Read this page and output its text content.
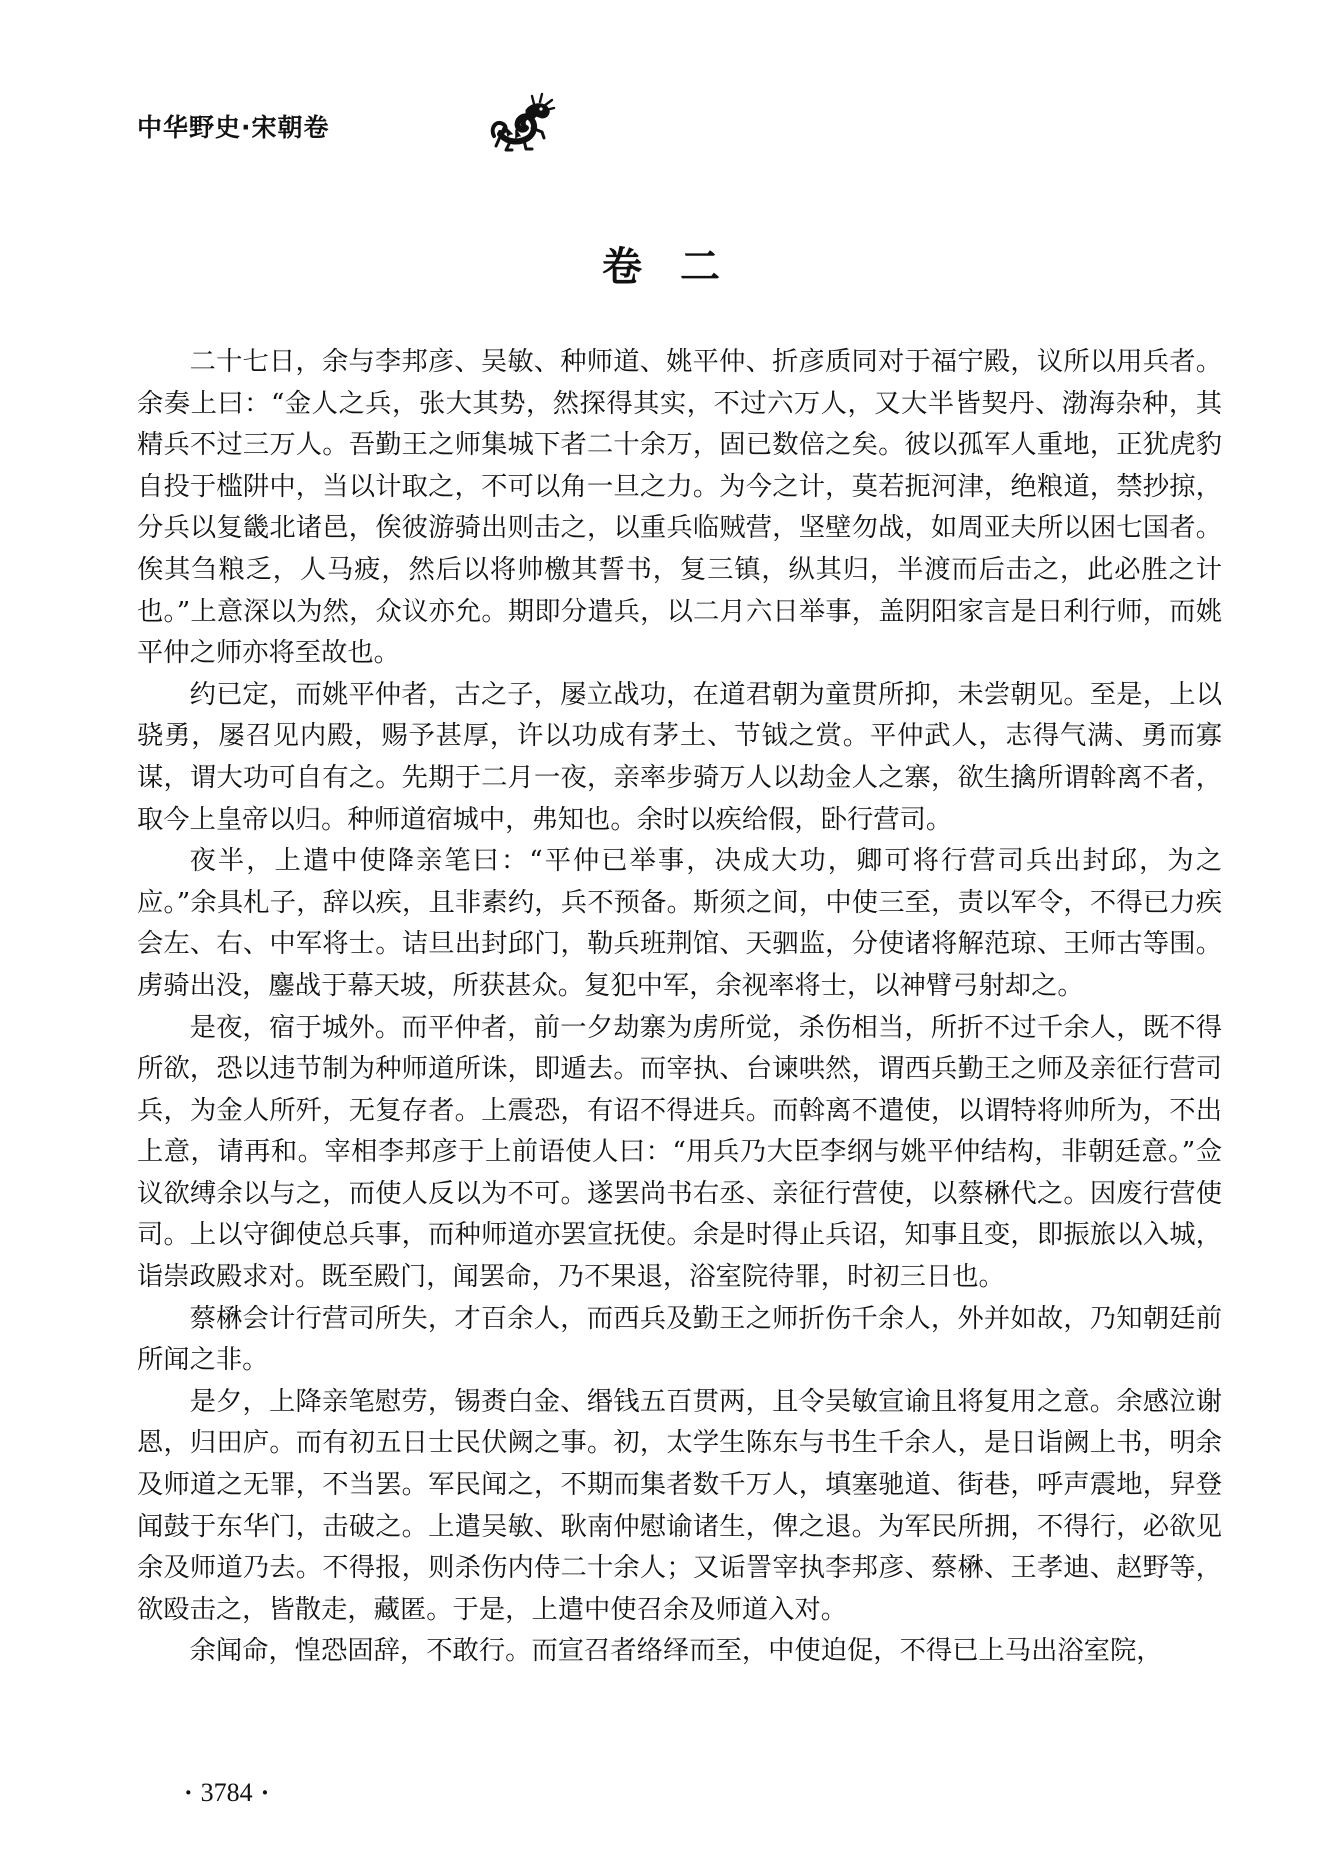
中华野史·宋朝卷
卷二

二十七日，余与李邦彦、吴敏、种师道、姚平仲、折彦质同对于福宁殿，议所以用兵者。余奏上曰：“金人之兵，张大其势，然探得其实，不过六万人，又大半皆契丹、渤海杂种，其精兵不过三万人。吾勤王之师集城下者二十余万，固已数倍之矣。彼以孤军人重地，正犹虎豹自投于槛阱中，当以计取之，不可以角一旦之力。为今之计，莫若扼河津，绝粮道，禁抄掠，分兵以复畿北诸邑，俟彼游骑出则击之，以重兵临贼营，坚壁勿战，如周亚夫所以困七国者。俟其刍粮乏，人马疲，然后以将帅檄其誓书，复三镇，纵其归，半渡而后击之，此必胜之计也。”上意深以为然，众议亦允。期即分遣兵，以二月六日举事，盖阴阳家言是日利行师，而姚平仲之师亦将至故也。

约已定，而姚平仲者，古之子，屡立战功，在道君朝为童贯所抑，未尝朝见。至是，上以骁勇，屡召见内殿，赐予甚厚，许以功成有茅土、节钺之赏。平仲武人，志得气满、勇而寡谋，谓大功可自有之。先期于二月一夜，亲率步骑万人以劫金人之寨，欲生擒所谓斡离不者，取今上皇帝以归。种师道宿城中，弗知也。余时以疾给假，卧行营司。

夜半，上遣中使降亲笔曰：“平仲已举事，决成大功，卿可将行营司兵出封邱，为之应。”余具札子，辞以疾，且非素约，兵不预备。斯须之间，中使三至，责以军令，不得已力疾会左、右、中军将士。诘旦出封邱门，勒兵班荆馆、天驷监，分使诸将解范琼、王师古等围。虏骑出没，鏖战于幕天坡，所获甚众。复犯中军，余视率将士，以神臂弓射却之。

是夜，宿于城外。而平仲者，前一夕劫寨为虏所觉，杀伤相当，所折不过千余人，既不得所欲，恐以违节制为种师道所诛，即遁去。而宰执、台谏哄然，谓西兵勤王之师及亲征行营司兵，为金人所歼，无复存者。上震恐，有诏不得进兵。而斡离不遣使，以谓特将帅所为，不出上意，请再和。宰相李邦彦于上前语使人曰：“用兵乃大臣李纲与姚平仲结构，非朝廷意。”佥议欲缚余以与之，而使人反以为不可。遂罢尚书右丞、亲征行营使，以蔡楙代之。因废行营使司。上以守御使总兵事，而种师道亦罢宣抚使。余是时得止兵诏，知事且变，即振旅以入城，诣崇政殿求对。既至殿门，闻罢命，乃不果退，浴室院待罪，时初三日也。

蔡楙会计行营司所失，才百余人，而西兵及勤王之师折伤千余人，外并如故，乃知朝廷前所闻之非。

是夕，上降亲笔慰劳，锡赉白金、缗钱五百贯两，且令吴敏宣谕且将复用之意。余感泣谢恩，归田庐。而有初五日士民伏阙之事。初，太学生陈东与书生千余人，是日诣阙上书，明余及师道之无罪，不当罢。军民闻之，不期而集者数千万人，填塞驰道、街巷，呼声震地，舁登闻鼓于东华门，击破之。上遣吴敏、耿南仲慰谕诸生，俾之退。为军民所拥，不得行，必欲见余及师道乃去。不得报，则杀伤内侍二十余人；又诟詈宰执李邦彦、蔡楙、王孝迪、赵野等，欲殴击之，皆散走，藏匿。于是，上遣中使召余及师道入对。

余闻命，惶恐固辞，不敢行。而宣召者络绎而至，中使迫促，不得已上马出浴室院，

· 3784 ·
